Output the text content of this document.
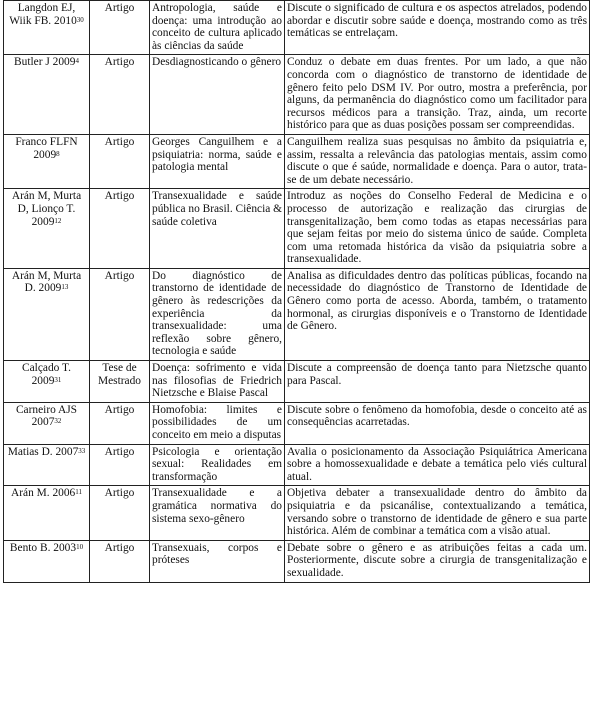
Langdon EJ, Wiik FB. 2010$^{30}$	Artigo	Antropologia, saúde e doença: uma introdução ao conceito de cultura aplicado às ciências da saúde	Discute o significado de cultura e os aspectos atrelados, podendo abordar e discutir sobre saúde e doença, mostrando como as três temáticas se entrelaçam.
Butler J 2009$^4$	Artigo	Desdiagnosticando o gênero	Conduz o debate em duas frentes. Por um lado, a que não concorda com o diagnóstico de transtorno de identidade de gênero feito pelo DSM IV. Por outro, mostra a preferência, por alguns, da permanência do diagnóstico como um facilitador para recursos médicos para a transição. Traz, ainda, um recorte histórico para que as duas posições possam ser compreendidas.
Franco FLFN 2009$^8$	Artigo	Georges Canguilhem e a psiquiatria: norma, saúde e patologia mental	Canguilhem realiza suas pesquisas no âmbito da psiquiatria e, assim, ressalta a relevância das patologias mentais, assim como discute o que é saúde, normalidade e doença. Para o autor, trata-se de um debate necessário.
Arán M, Murta D, Lionço T. 2009$^{12}$	Artigo	Transexualidade e saúde pública no Brasil. Ciência & saúde coletiva	Introduz as noções do Conselho Federal de Medicina e o processo de autorização e realização das cirurgias de transgenitalização, bem como todas as etapas necessárias para que sejam feitas por meio do sistema único de saúde. Completa com uma retomada histórica da visão da psiquiatria sobre a transexualidade.
Arán M, Murta D. 2009$^{13}$	Artigo	Do diagnóstico de transtorno de identidade de gênero às redescrições da experiência da transexualidade: uma reflexão sobre gênero, tecnologia e saúde	Analisa as dificuldades dentro das políticas públicas, focando na necessidade do diagnóstico de Transtorno de Identidade de Gênero como porta de acesso. Aborda, também, o tratamento hormonal, as cirurgias disponíveis e o Transtorno de Identidade de Gênero.
Calçado T. 2009$^{31}$	Tese de Mestrado	Doença: sofrimento e vida nas filosofias de Friedrich Nietzsche e Blaise Pascal	Discute a compreensão de doença tanto para Nietzsche quanto para Pascal.
Carneiro AJS 2007$^{32}$	Artigo	Homofobia: limites e possibilidades de um conceito em meio a disputas	Discute sobre o fenômeno da homofobia, desde o conceito até as consequências acarretadas.
Matias D. 2007$^{33}$	Artigo	Psicologia e orientação sexual: Realidades em transformação	Avalia o posicionamento da Associação Psiquiátrica Americana sobre a homossexualidade e debate a temática pelo viés cultural atual.
Arán M. 2006$^{11}$	Artigo	Transexualidade e a gramática normativa do sistema sexo-gênero	Objetiva debater a transexualidade dentro do âmbito da psiquiatria e da psicanálise, contextualizando a temática, versando sobre o transtorno de identidade de gênero e sua parte histórica. Além de combinar a temática com a visão atual.
Bento B. 2003$^{10}$	Artigo	Transexuais, corpos e próteses	Debate sobre o gênero e as atribuições feitas a cada um. Posteriormente, discute sobre a cirurgia de transgenitalização e sexualidade.
